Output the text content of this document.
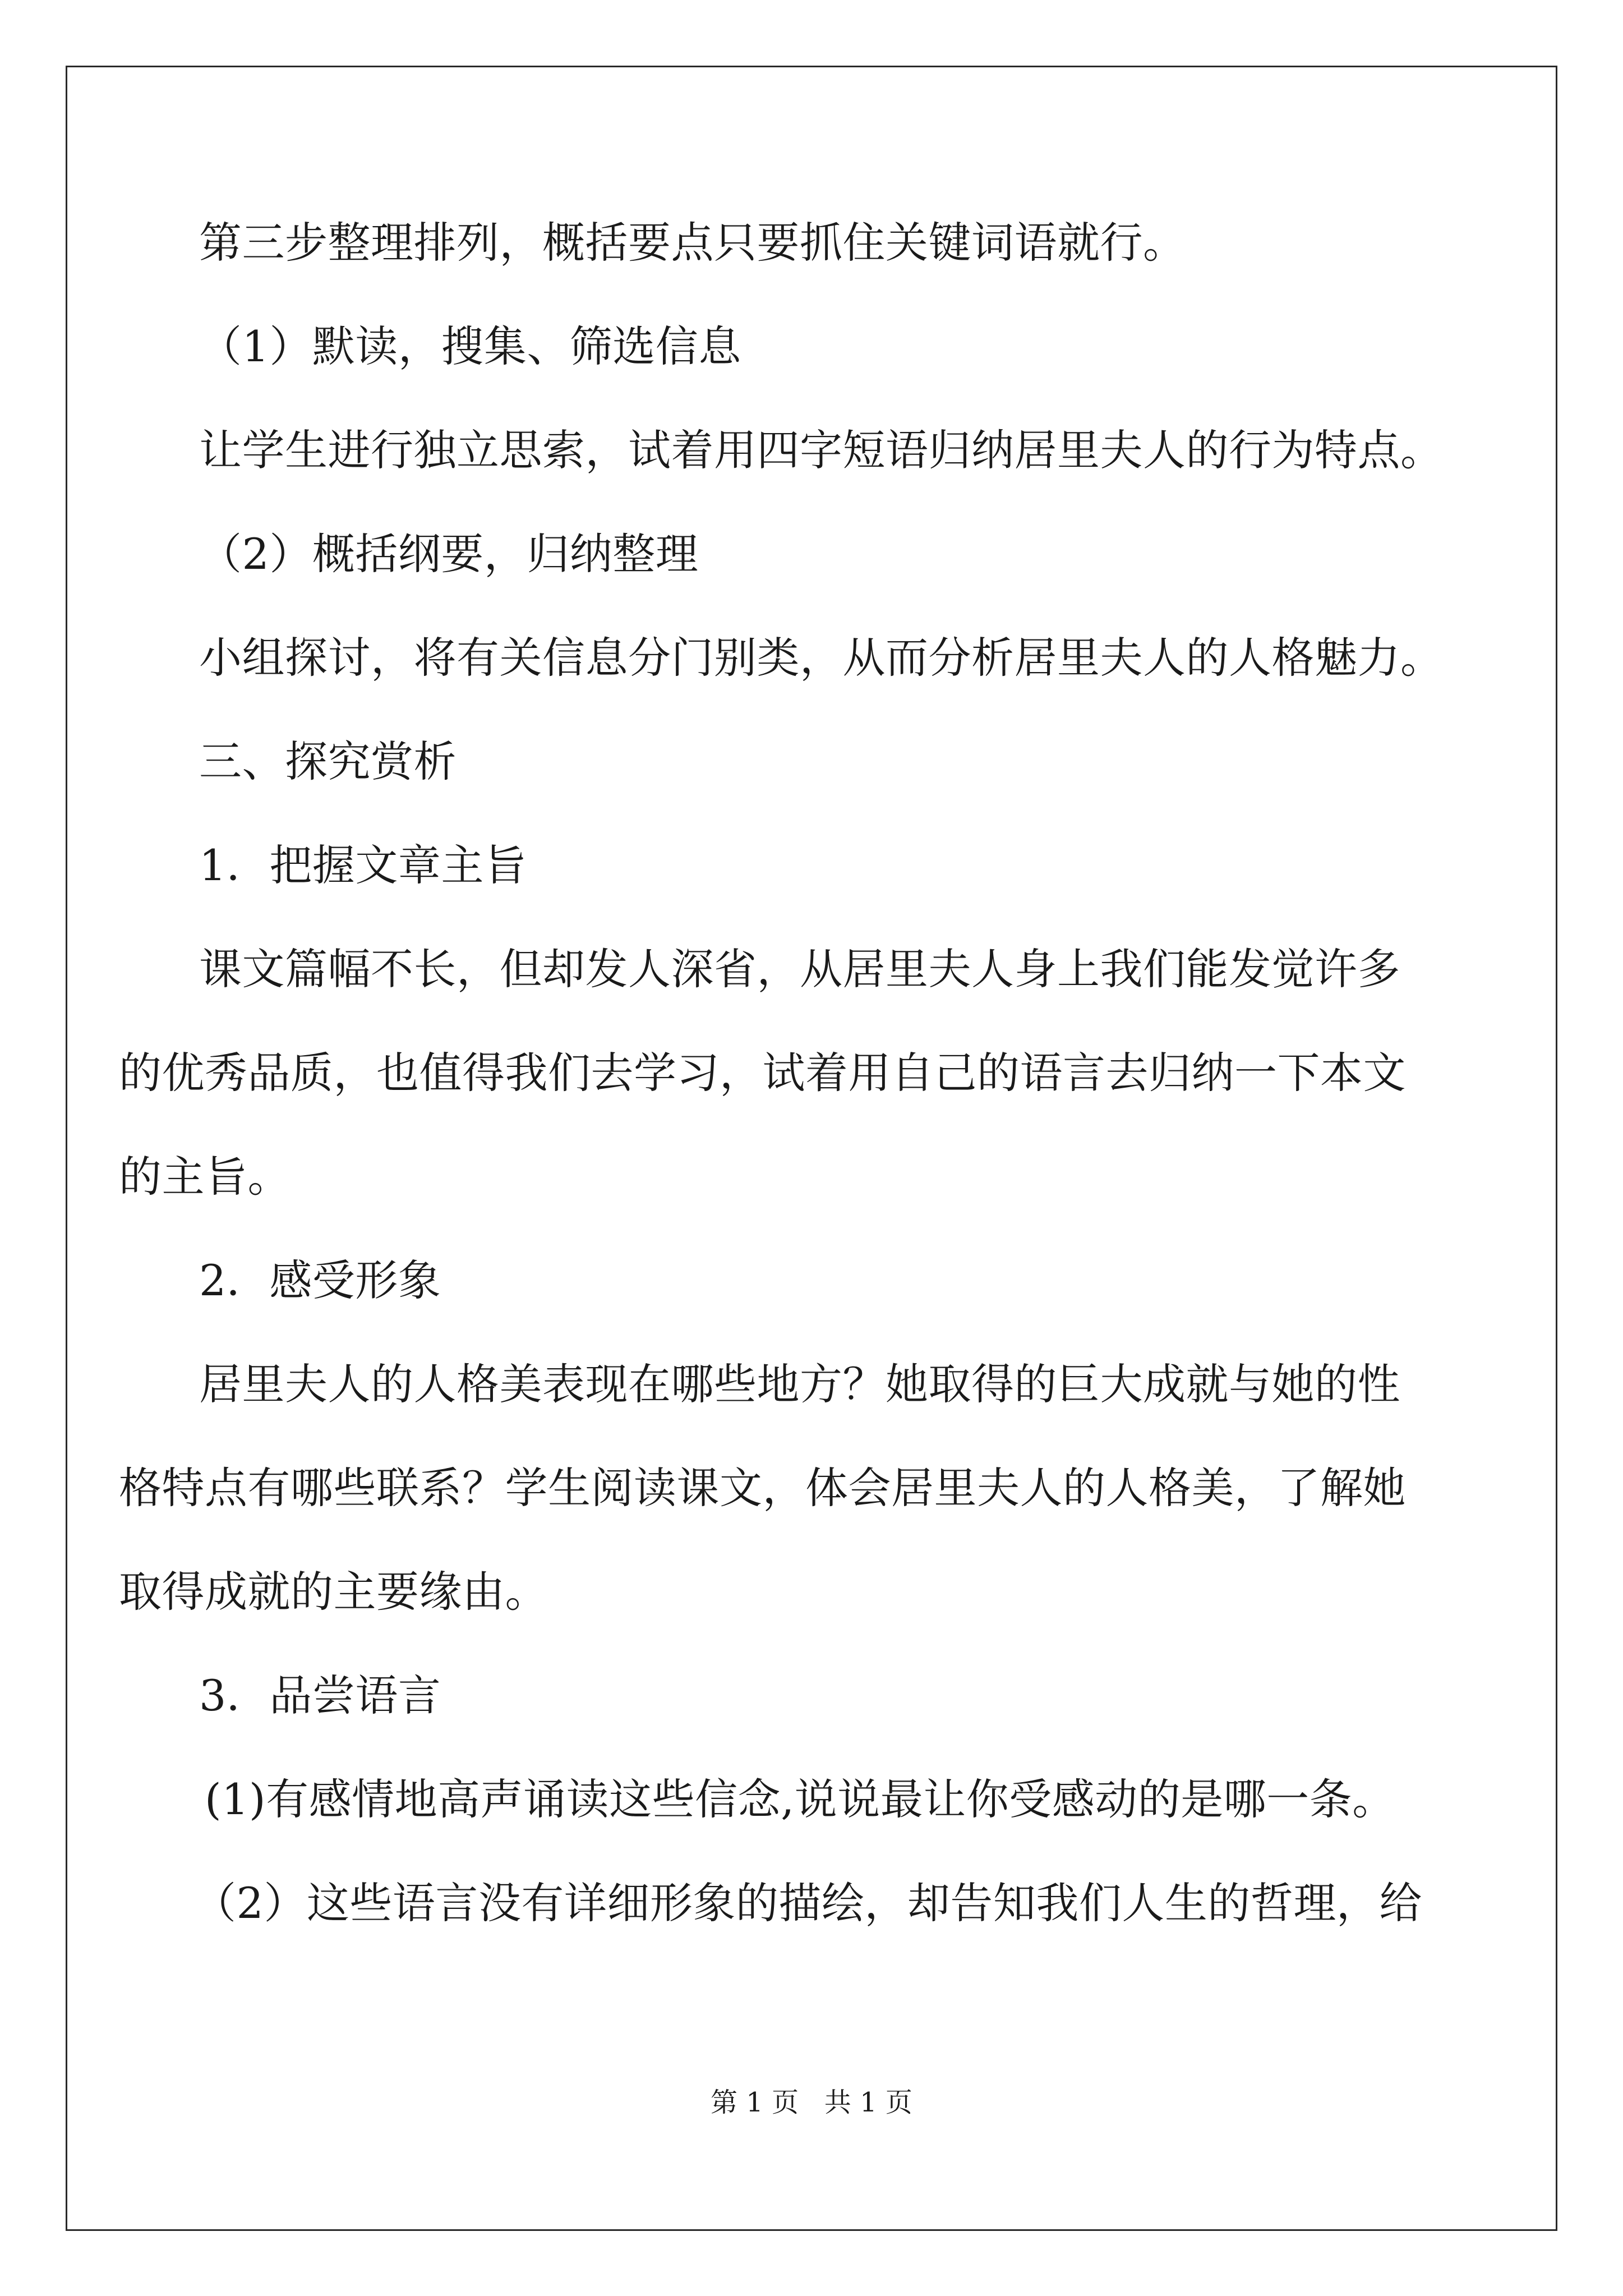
第三步整理排列，概括要点只要抓住关键词语就行。
（1）默读，搜集、筛选信息
让学生进行独立思索，试着用四字短语归纳居里夫人的行为特点。
（2）概括纲要，归纳整理
小组探讨，将有关信息分门别类，从而分析居里夫人的人格魅力。
三、探究赏析
1．把握文章主旨
课文篇幅不长，但却发人深省，从居里夫人身上我们能发觉许多
的优秀品质，也值得我们去学习，试着用自己的语言去归纳一下本文
的主旨。
2．感受形象
居里夫人的人格美表现在哪些地方？她取得的巨大成就与她的性
格特点有哪些联系？学生阅读课文，体会居里夫人的人格美，了解她
取得成就的主要缘由。
3．品尝语言
(1)有感情地高声诵读这些信念,说说最让你受感动的是哪一条。
（2）这些语言没有详细形象的描绘，却告知我们人生的哲理，给
第 1 页   共 1 页
